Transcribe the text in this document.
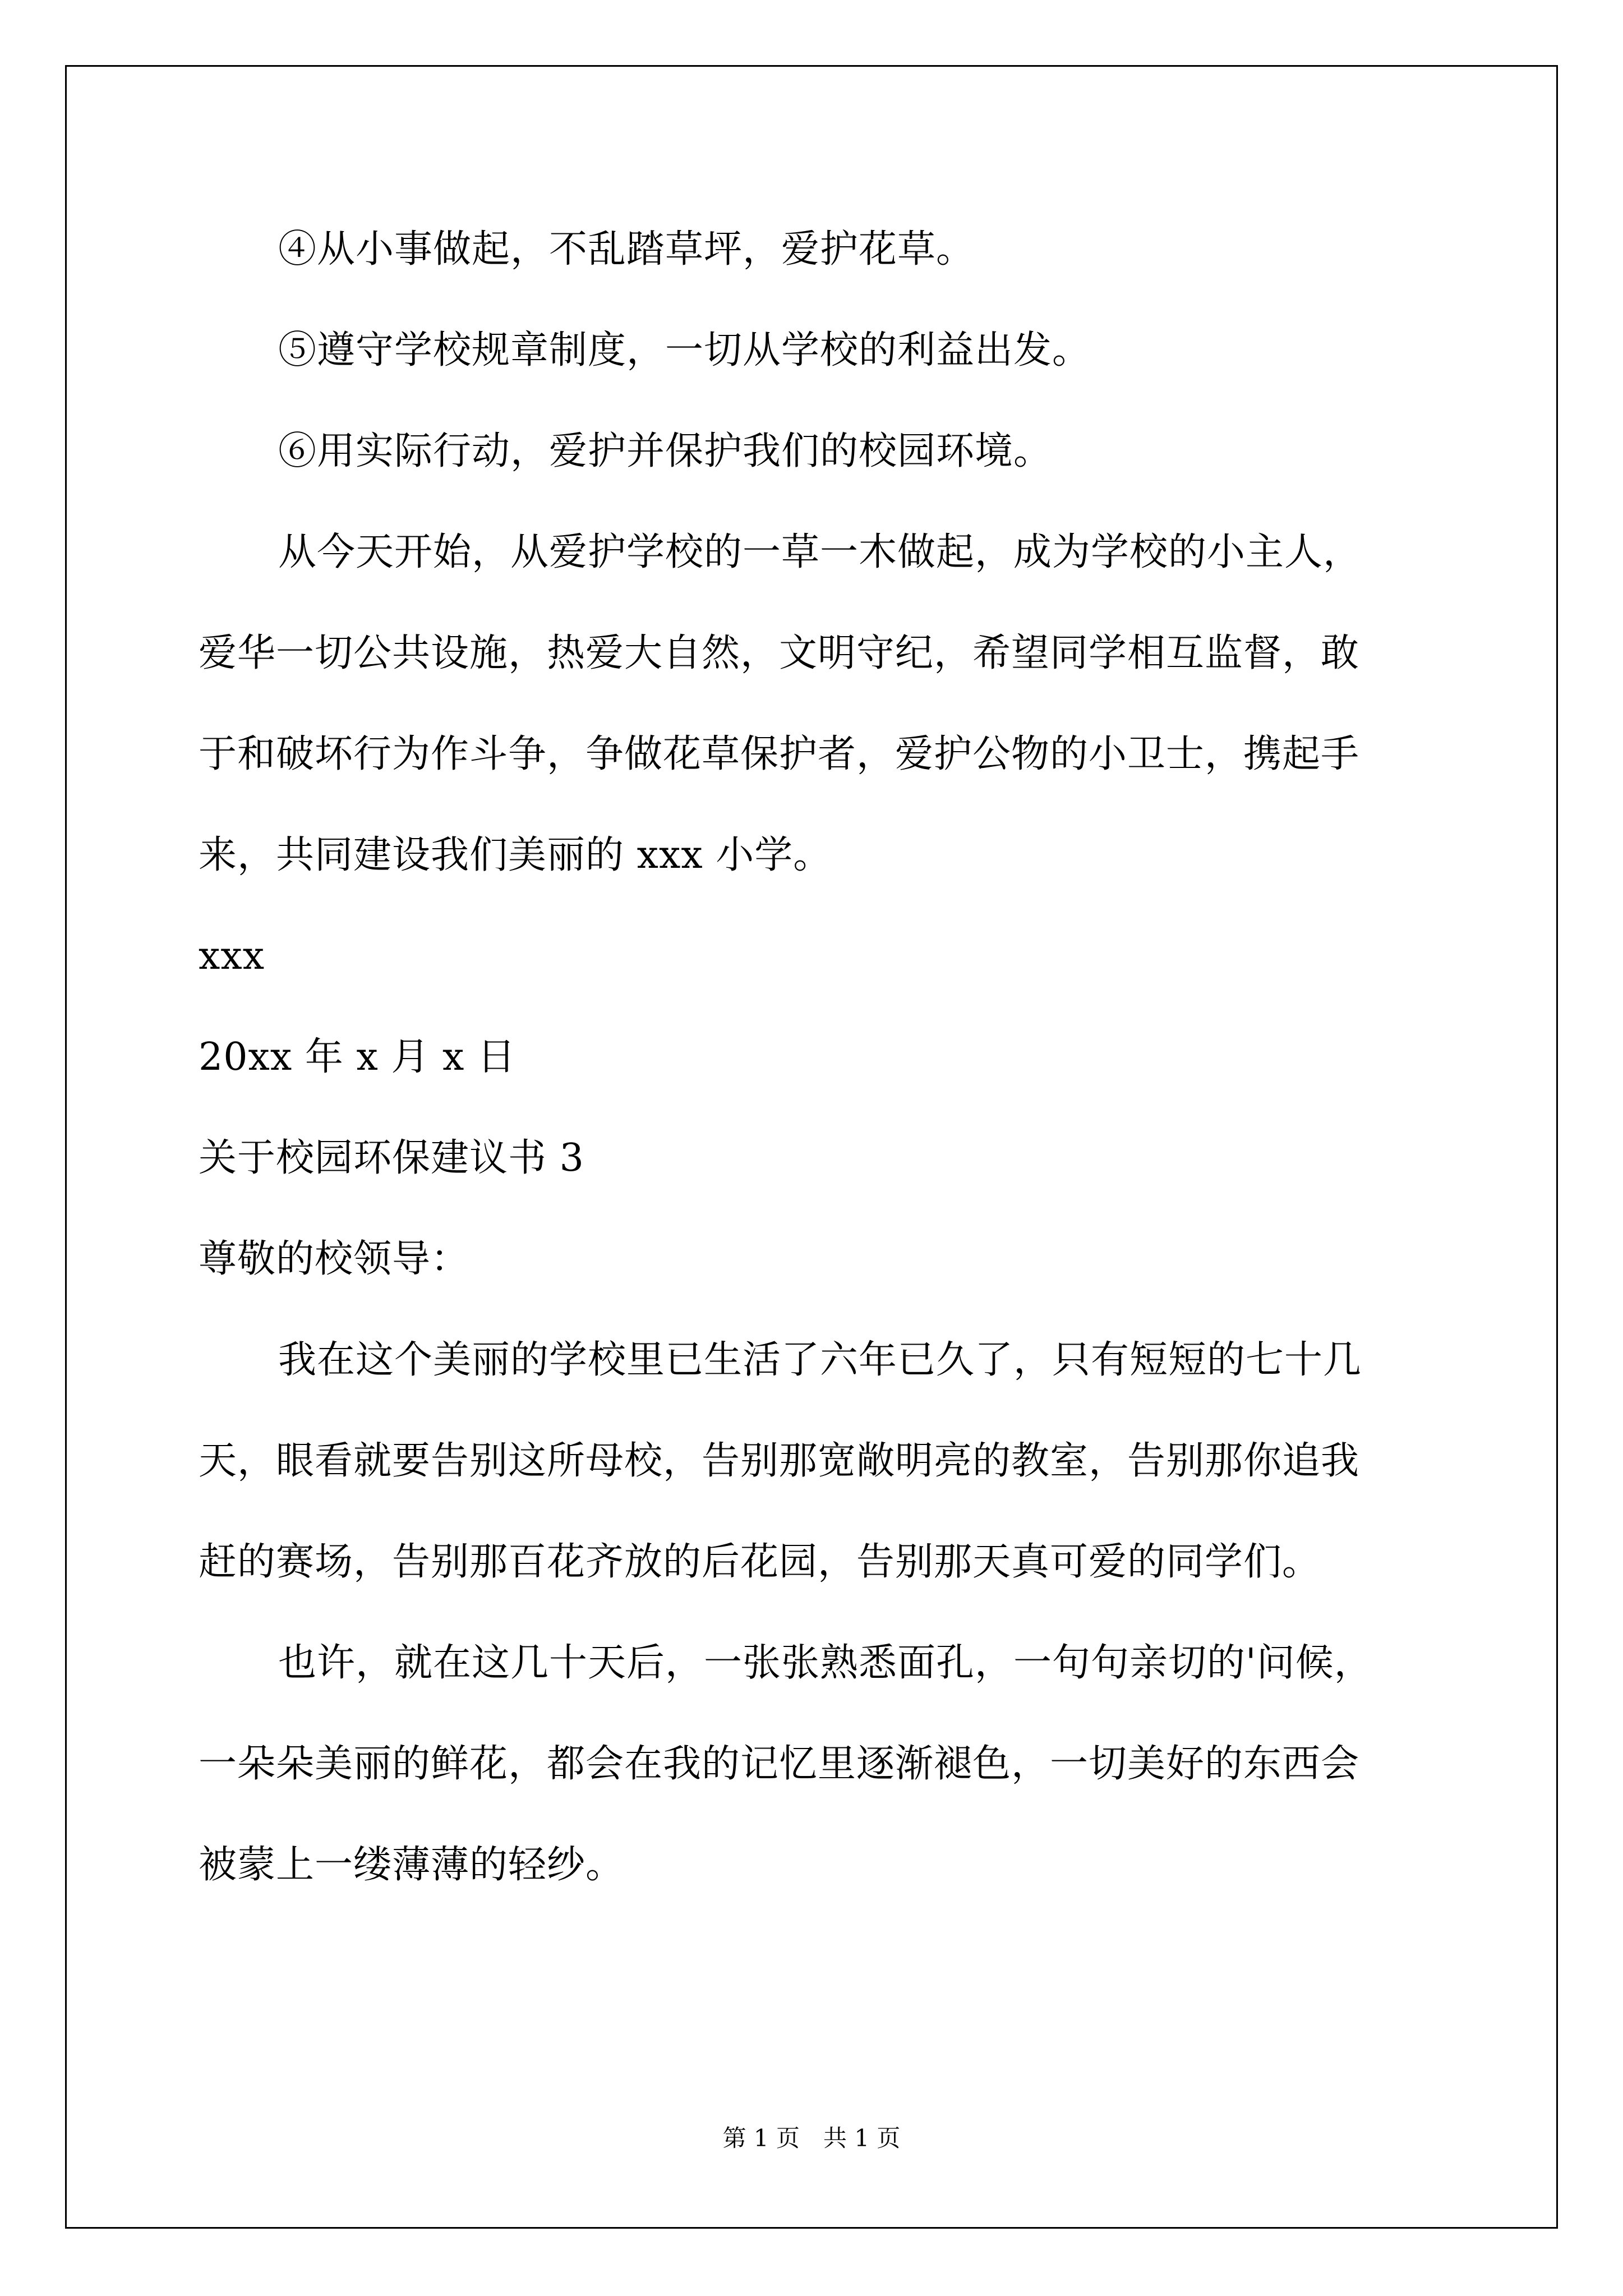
④从小事做起，不乱踏草坪，爱护花草。
⑤遵守学校规章制度，一切从学校的利益出发。
⑥用实际行动，爱护并保护我们的校园环境。
从今天开始，从爱护学校的一草一木做起，成为学校的小主人，
爱华一切公共设施，热爱大自然，文明守纪，希望同学相互监督，敢
于和破坏行为作斗争，争做花草保护者，爱护公物的小卫士，携起手
来，共同建设我们美丽的 xxx 小学。
xxx
20xx 年 x 月 x 日
关于校园环保建议书 3
尊敬的校领导：
我在这个美丽的学校里已生活了六年已久了，只有短短的七十几
天，眼看就要告别这所母校，告别那宽敞明亮的教室，告别那你追我
赶的赛场，告别那百花齐放的后花园，告别那天真可爱的同学们。
也许，就在这几十天后，一张张熟悉面孔，一句句亲切的'问候，
一朵朵美丽的鲜花，都会在我的记忆里逐渐褪色，一切美好的东西会
被蒙上一缕薄薄的轻纱。
第 1 页　共 1 页
